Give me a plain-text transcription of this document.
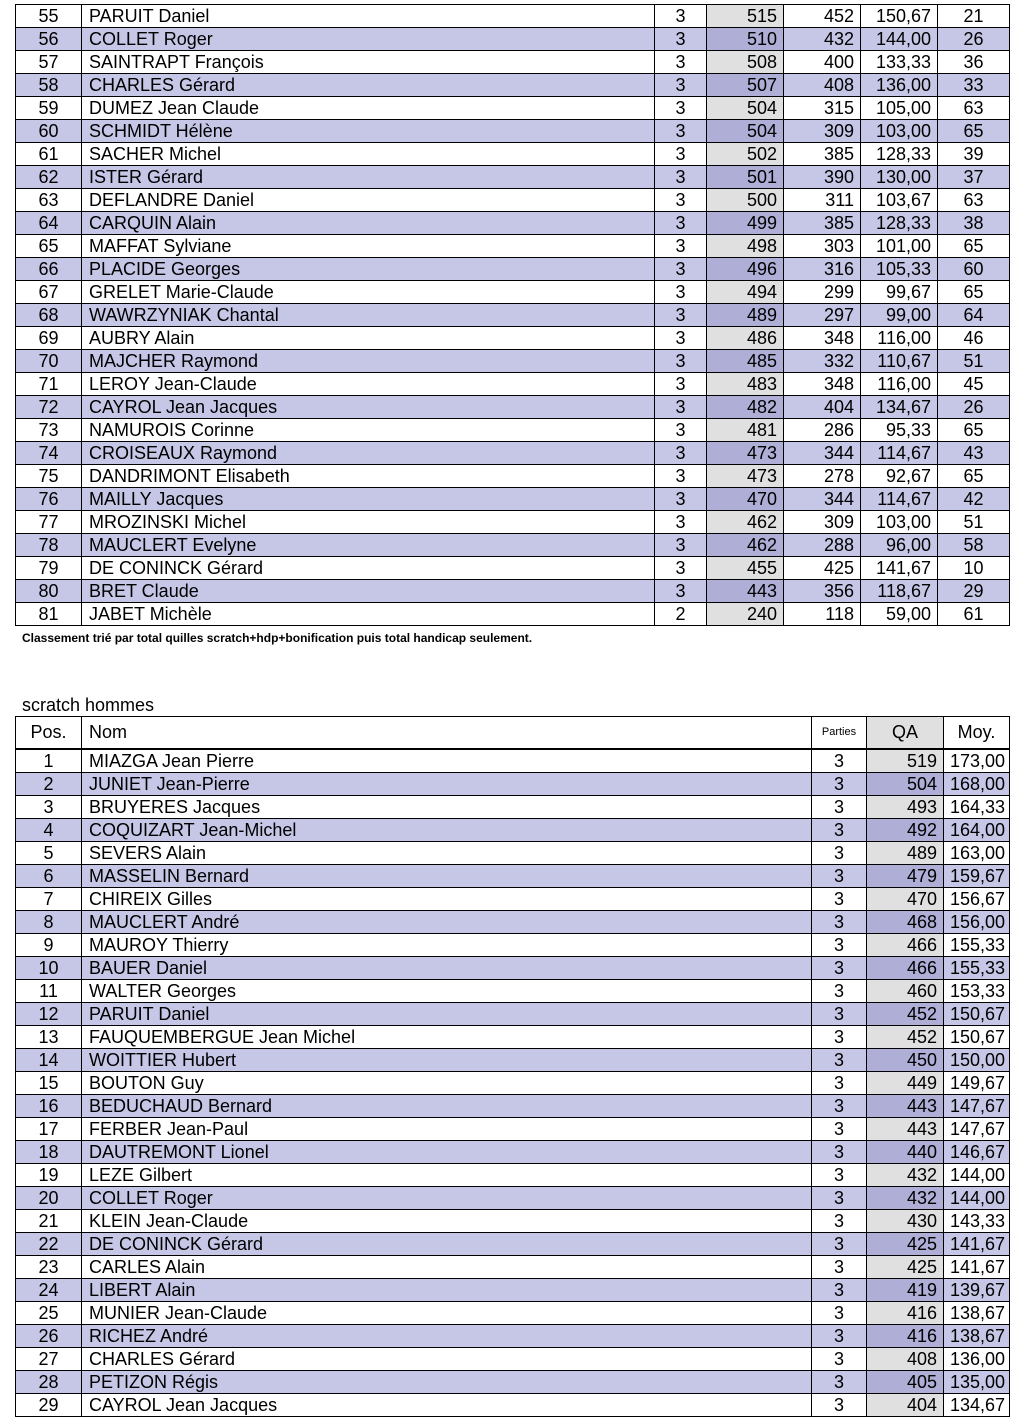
55	PARUIT Daniel	3	515	452	150,67	21
56	COLLET Roger	3	510	432	144,00	26
57	SAINTRAPT François	3	508	400	133,33	36
58	CHARLES Gérard	3	507	408	136,00	33
59	DUMEZ Jean Claude	3	504	315	105,00	63
60	SCHMIDT Hélène	3	504	309	103,00	65
61	SACHER Michel	3	502	385	128,33	39
62	ISTER Gérard	3	501	390	130,00	37
63	DEFLANDRE Daniel	3	500	311	103,67	63
64	CARQUIN Alain	3	499	385	128,33	38
65	MAFFAT Sylviane	3	498	303	101,00	65
66	PLACIDE Georges	3	496	316	105,33	60
67	GRELET Marie-Claude	3	494	299	99,67	65
68	WAWRZYNIAK Chantal	3	489	297	99,00	64
69	AUBRY Alain	3	486	348	116,00	46
70	MAJCHER Raymond	3	485	332	110,67	51
71	LEROY Jean-Claude	3	483	348	116,00	45
72	CAYROL Jean Jacques	3	482	404	134,67	26
73	NAMUROIS Corinne	3	481	286	95,33	65
74	CROISEAUX Raymond	3	473	344	114,67	43
75	DANDRIMONT Elisabeth	3	473	278	92,67	65
76	MAILLY Jacques	3	470	344	114,67	42
77	MROZINSKI Michel	3	462	309	103,00	51
78	MAUCLERT Evelyne	3	462	288	96,00	58
79	DE CONINCK Gérard	3	455	425	141,67	10
80	BRET Claude	3	443	356	118,67	29
81	JABET Michèle	2	240	118	59,00	61
Classement trié par total quilles scratch+hdp+bonification puis total handicap seulement.
scratch hommes
Pos.	Nom	Parties	QA	Moy.
1	MIAZGA Jean Pierre	3	519	173,00
2	JUNIET Jean-Pierre	3	504	168,00
3	BRUYERES Jacques	3	493	164,33
4	COQUIZART Jean-Michel	3	492	164,00
5	SEVERS Alain	3	489	163,00
6	MASSELIN Bernard	3	479	159,67
7	CHIREIX Gilles	3	470	156,67
8	MAUCLERT André	3	468	156,00
9	MAUROY Thierry	3	466	155,33
10	BAUER Daniel	3	466	155,33
11	WALTER Georges	3	460	153,33
12	PARUIT Daniel	3	452	150,67
13	FAUQUEMBERGUE Jean Michel	3	452	150,67
14	WOITTIER Hubert	3	450	150,00
15	BOUTON Guy	3	449	149,67
16	BEDUCHAUD Bernard	3	443	147,67
17	FERBER Jean-Paul	3	443	147,67
18	DAUTREMONT Lionel	3	440	146,67
19	LEZE Gilbert	3	432	144,00
20	COLLET Roger	3	432	144,00
21	KLEIN Jean-Claude	3	430	143,33
22	DE CONINCK Gérard	3	425	141,67
23	CARLES Alain	3	425	141,67
24	LIBERT Alain	3	419	139,67
25	MUNIER Jean-Claude	3	416	138,67
26	RICHEZ André	3	416	138,67
27	CHARLES Gérard	3	408	136,00
28	PETIZON Régis	3	405	135,00
29	CAYROL Jean Jacques	3	404	134,67
